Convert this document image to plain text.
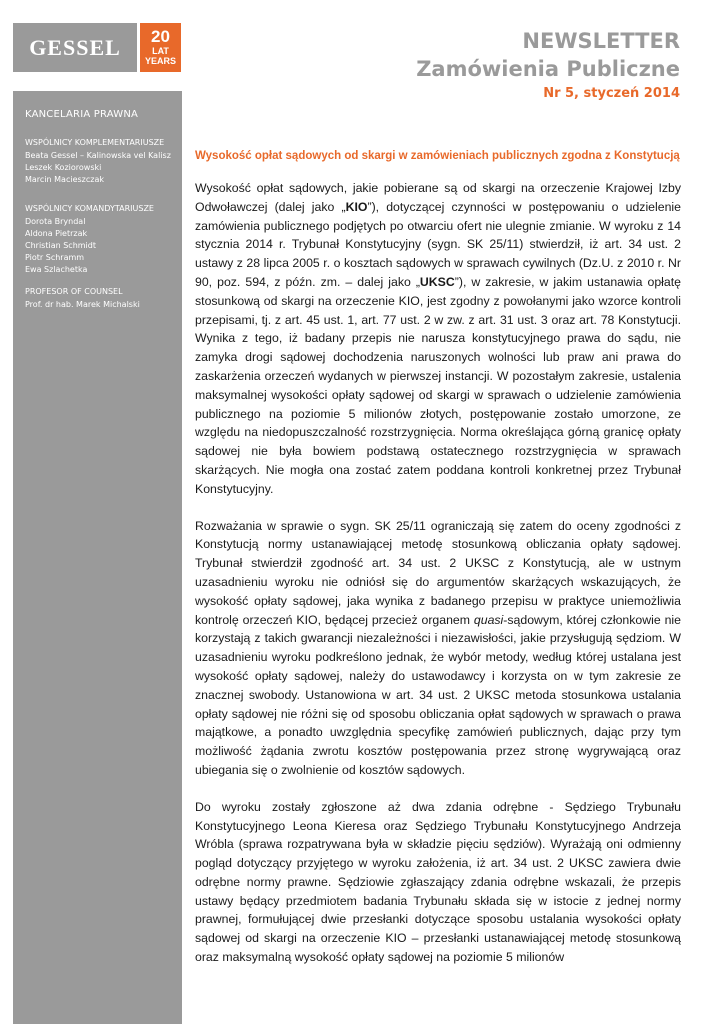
GESSEL	20
LAT
YEARS
NEWSLETTER
Zamówienia Publiczne
Nr 5, styczeń 2014
KANCELARIA PRAWNA
WSPÓLNICY KOMPLEMENTARIUSZE
Beata Gessel – Kalinowska vel Kalisz
Leszek Koziorowski
Marcin Macieszczak
WSPÓLNICY KOMANDYTARIUSZE
Dorota Bryndal
Aldona Pietrzak
Christian Schmidt
Piotr Schramm
Ewa Szlachetka
PROFESOR OF COUNSEL
Prof. dr hab. Marek Michalski
Wysokość opłat sądowych od skargi w zamówieniach publicznych zgodna z Konstytucją

Wysokość opłat sądowych, jakie pobierane są od skargi na orzeczenie Krajowej Izby Odwoławczej (dalej jako „KIO”), dotyczącej czynności w postępowaniu o udzielenie zamówienia publicznego podjętych po otwarciu ofert nie ulegnie zmianie. W wyroku z 14 stycznia 2014 r. Trybunał Konstytucyjny (sygn. SK 25/11) stwierdził, iż art. 34 ust. 2 ustawy z 28 lipca 2005 r. o kosztach sądowych w sprawach cywilnych (Dz.U. z 2010 r. Nr 90, poz. 594, z późn. zm. – dalej jako „UKSC”), w zakresie, w jakim ustanawia opłatę stosunkową od skargi na orzeczenie KIO, jest zgodny z powołanymi jako wzorce kontroli przepisami, tj. z art. 45 ust. 1, art. 77 ust. 2 w zw. z art. 31 ust. 3 oraz art. 78 Konstytucji. Wynika z tego, iż badany przepis nie narusza konstytucyjnego prawa do sądu, nie zamyka drogi sądowej dochodzenia naruszonych wolności lub praw ani prawa do zaskarżenia orzeczeń wydanych w pierwszej instancji. W pozostałym zakresie, ustalenia maksymalnej wysokości opłaty sądowej od skargi w sprawach o udzielenie zamówienia publicznego na poziomie 5 milionów złotych, postępowanie zostało umorzone, ze względu na niedopuszczalność rozstrzygnięcia. Norma określająca górną granicę opłaty sądowej nie była bowiem podstawą ostatecznego rozstrzygnięcia w sprawach skarżących. Nie mogła ona zostać zatem poddana kontroli konkretnej przez Trybunał Konstytucyjny.

Rozważania w sprawie o sygn. SK 25/11 ograniczają się zatem do oceny zgodności z Konstytucją normy ustanawiającej metodę stosunkową obliczania opłaty sądowej. Trybunał stwierdził zgodność art. 34 ust. 2 UKSC z Konstytucją, ale w ustnym uzasadnieniu wyroku nie odniósł się do argumentów skarżących wskazujących, że wysokość opłaty sądowej, jaka wynika z badanego przepisu w praktyce uniemożliwia kontrolę orzeczeń KIO, będącej przecież organem quasi-sądowym, której członkowie nie korzystają z takich gwarancji niezależności i niezawisłości, jakie przysługują sędziom. W uzasadnieniu wyroku podkreślono jednak, że wybór metody, według której ustalana jest wysokość opłaty sądowej, należy do ustawodawcy i korzysta on w tym zakresie ze znacznej swobody. Ustanowiona w art. 34 ust. 2 UKSC metoda stosunkowa ustalania opłaty sądowej nie różni się od sposobu obliczania opłat sądowych w sprawach o prawa majątkowe, a ponadto uwzględnia specyfikę zamówień publicznych, dając przy tym możliwość żądania zwrotu kosztów postępowania przez stronę wygrywającą oraz ubiegania się o zwolnienie od kosztów sądowych.

Do wyroku zostały zgłoszone aż dwa zdania odrębne - Sędziego Trybunału Konstytucyjnego Leona Kieresa oraz Sędziego Trybunału Konstytucyjnego Andrzeja Wróbla (sprawa rozpatrywana była w składzie pięciu sędziów). Wyrażają oni odmienny pogląd dotyczący przyjętego w wyroku założenia, iż art. 34 ust. 2 UKSC zawiera dwie odrębne normy prawne. Sędziowie zgłaszający zdania odrębne wskazali, że przepis ustawy będący przedmiotem badania Trybunału składa się w istocie z jednej normy prawnej, formułującej dwie przesłanki dotyczące sposobu ustalania wysokości opłaty sądowej od skargi na orzeczenie KIO – przesłanki ustanawiającej metodę stosunkową oraz maksymalną wysokość opłaty sądowej na poziomie 5 milionów
